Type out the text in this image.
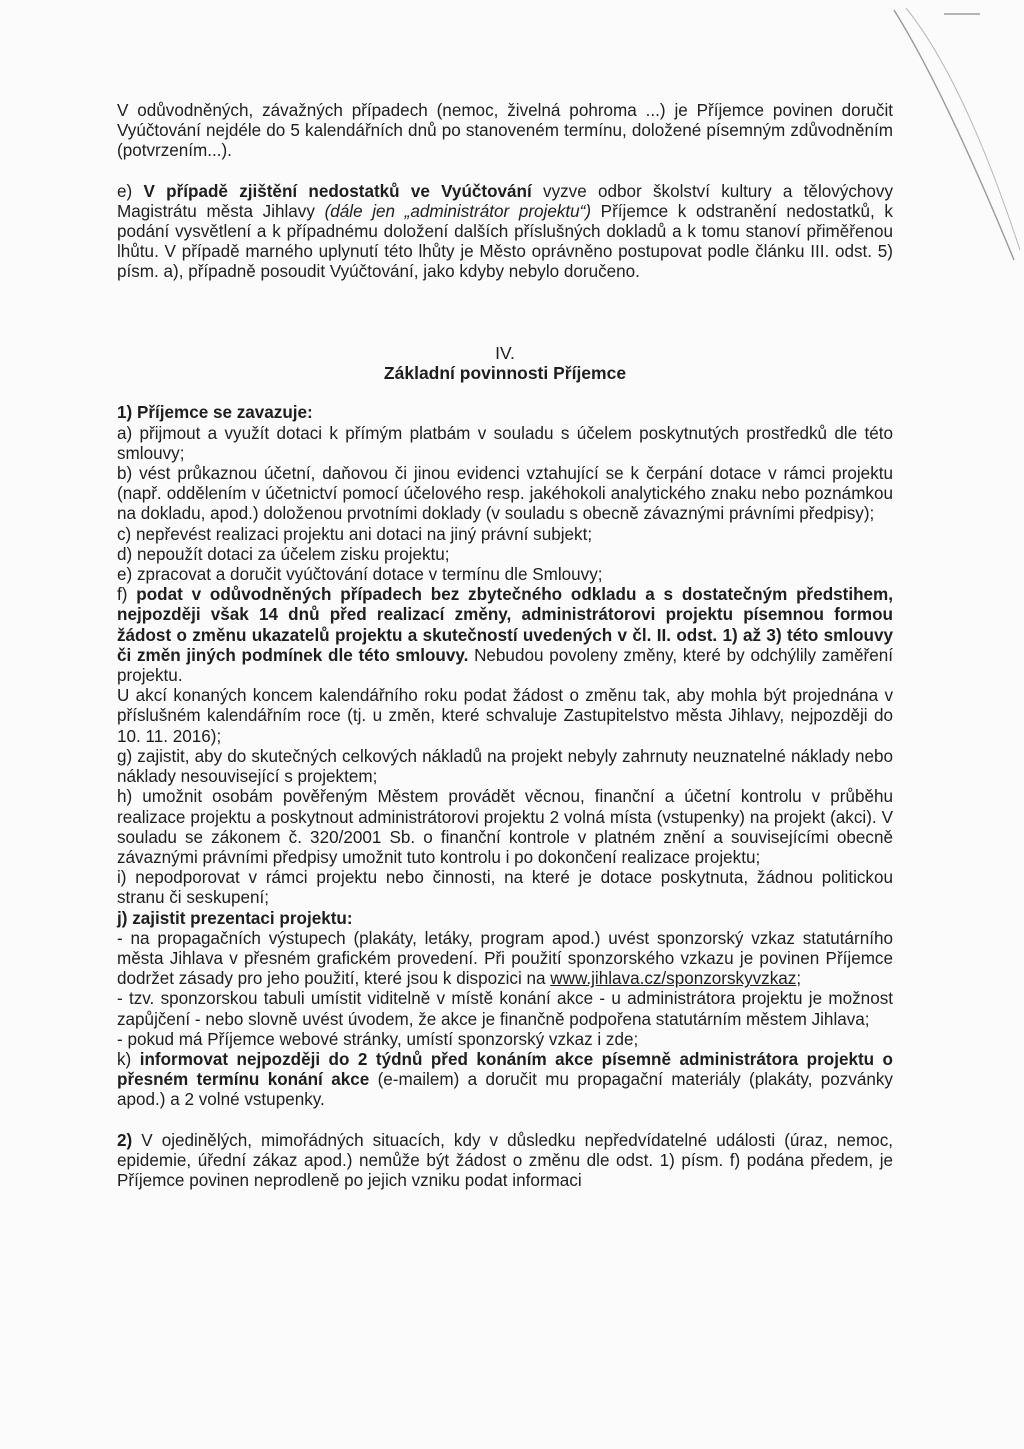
V odůvodněných, závažných případech (nemoc, živelná pohroma ...) je Příjemce povinen doručit Vyúčtování nejdéle do 5 kalendářních dnů po stanoveném termínu, doložené písemným zdůvodněním (potvrzením...).

e) V případě zjištění nedostatků ve Vyúčtování vyzve odbor školství kultury a tělovýchovy Magistrátu města Jihlavy (dále jen „administrátor projektu“) Příjemce k odstranění nedostatků, k podání vysvětlení a k případnému doložení dalších příslušných dokladů a k tomu stanoví přiměřenou lhůtu. V případě marného uplynutí této lhůty je Město oprávněno postupovat podle článku III. odst. 5) písm. a), případně posoudit Vyúčtování, jako kdyby nebylo doručeno.

IV.
Základní povinnosti Příjemce

1) Příjemce se zavazuje:

a) přijmout a využít dotaci k přímým platbám v souladu s účelem poskytnutých prostředků dle této smlouvy;

b) vést průkaznou účetní, daňovou či jinou evidenci vztahující se k čerpání dotace v rámci projektu (např. oddělením v účetnictví pomocí účelového resp. jakéhokoli analytického znaku nebo poznámkou na dokladu, apod.) doloženou prvotními doklady (v souladu s obecně závaznými právními předpisy);

c) nepřevést realizaci projektu ani dotaci na jiný právní subjekt;

d) nepoužít dotaci za účelem zisku projektu;

e) zpracovat a doručit vyúčtování dotace v termínu dle Smlouvy;

f) podat v odůvodněných případech bez zbytečného odkladu a s dostatečným předstihem, nejpozději však 14 dnů před realizací změny, administrátorovi projektu písemnou formou žádost o změnu ukazatelů projektu a skutečností uvedených v čl. II. odst. 1) až 3) této smlouvy či změn jiných podmínek dle této smlouvy. Nebudou povoleny změny, které by odchýlily zaměření projektu.

U akcí konaných koncem kalendářního roku podat žádost o změnu tak, aby mohla být projednána v příslušném kalendářním roce (tj. u změn, které schvaluje Zastupitelstvo města Jihlavy, nejpozději do 10. 11. 2016);

g) zajistit, aby do skutečných celkových nákladů na projekt nebyly zahrnuty neuznatelné náklady nebo náklady nesouvisející s projektem;

h) umožnit osobám pověřeným Městem provádět věcnou, finanční a účetní kontrolu v průběhu realizace projektu a poskytnout administrátorovi projektu 2 volná místa (vstupenky) na projekt (akci). V souladu se zákonem č. 320/2001 Sb. o finanční kontrole v platném znění a souvisejícími obecně závaznými právními předpisy umožnit tuto kontrolu i po dokončení realizace projektu;

i) nepodporovat v rámci projektu nebo činnosti, na které je dotace poskytnuta, žádnou politickou stranu či seskupení;

j) zajistit prezentaci projektu:

- na propagačních výstupech (plakáty, letáky, program apod.) uvést sponzorský vzkaz statutárního města Jihlava v přesném grafickém provedení. Při použití sponzorského vzkazu je povinen Příjemce dodržet zásady pro jeho použití, které jsou k dispozici na www.jihlava.cz/sponzorskyvzkaz;

- tzv. sponzorskou tabuli umístit viditelně v místě konání akce - u administrátora projektu je možnost zapůjčení - nebo slovně uvést úvodem, že akce je finančně podpořena statutárním městem Jihlava;

- pokud má Příjemce webové stránky, umístí sponzorský vzkaz i zde;

k) informovat nejpozději do 2 týdnů před konáním akce písemně administrátora projektu o přesném termínu konání akce (e-mailem) a doručit mu propagační materiály (plakáty, pozvánky apod.) a 2 volné vstupenky.

2) V ojedinělých, mimořádných situacích, kdy v důsledku nepředvídatelné události (úraz, nemoc, epidemie, úřední zákaz apod.) nemůže být žádost o změnu dle odst. 1) písm. f) podána předem, je Příjemce povinen neprodleně po jejich vzniku podat informaci
